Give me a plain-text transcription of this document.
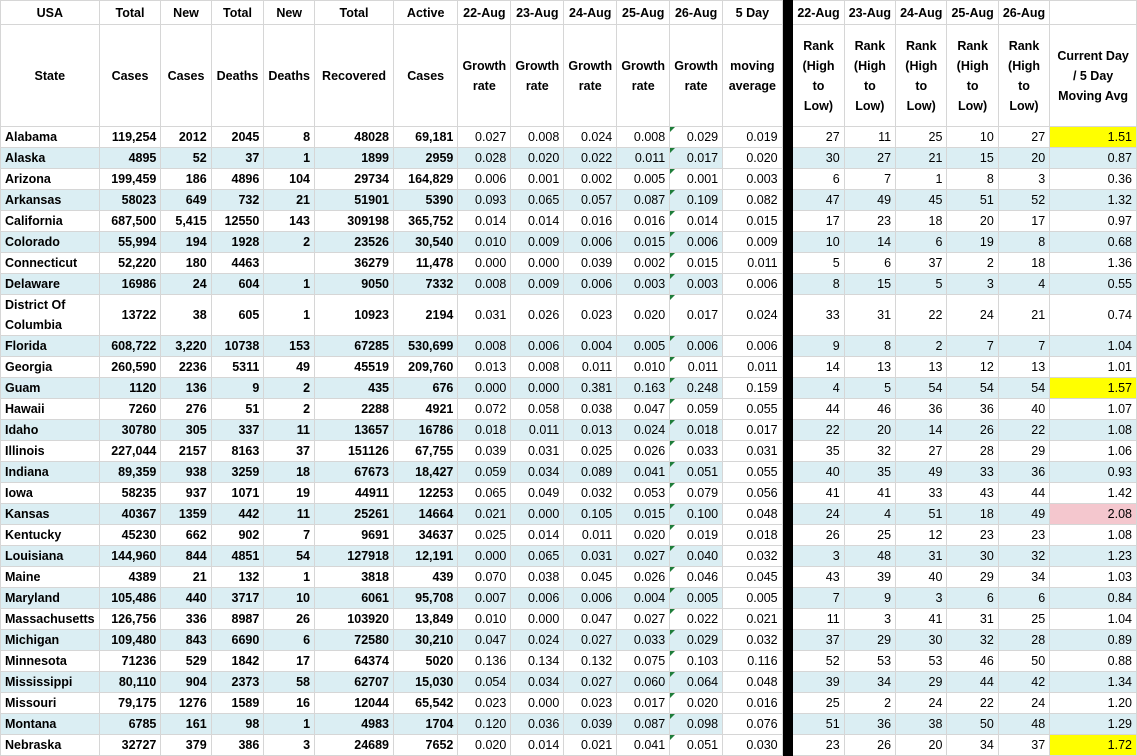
USA	Total	New	Total	New	Total	Active	22-Aug	23-Aug	24-Aug	25-Aug	26-Aug	5 Day		22-Aug	23-Aug	24-Aug	25-Aug	26-Aug	
State	Cases	Cases	Deaths	Deaths	Recovered	Cases	Growth rate	Growth rate	Growth rate	Growth rate	Growth rate	moving average		Rank (High to Low)	Rank (High to Low)	Rank (High to Low)	Rank (High to Low)	Rank (High to Low)	Current Day / 5 Day Moving Avg
Alabama	119,254	2012	2045	8	48028	69,181	0.027	0.008	0.024	0.008	0.029	0.019		27	11	25	10	27	1.51
Alaska	4895	52	37	1	1899	2959	0.028	0.020	0.022	0.011	0.017	0.020		30	27	21	15	20	0.87
Arizona	199,459	186	4896	104	29734	164,829	0.006	0.001	0.002	0.005	0.001	0.003		6	7	1	8	3	0.36
Arkansas	58023	649	732	21	51901	5390	0.093	0.065	0.057	0.087	0.109	0.082		47	49	45	51	52	1.32
California	687,500	5,415	12550	143	309198	365,752	0.014	0.014	0.016	0.016	0.014	0.015		17	23	18	20	17	0.97
Colorado	55,994	194	1928	2	23526	30,540	0.010	0.009	0.006	0.015	0.006	0.009		10	14	6	19	8	0.68
Connecticut	52,220	180	4463		36279	11,478	0.000	0.000	0.039	0.002	0.015	0.011		5	6	37	2	18	1.36
Delaware	16986	24	604	1	9050	7332	0.008	0.009	0.006	0.003	0.003	0.006		8	15	5	3	4	0.55
District Of Columbia	13722	38	605	1	10923	2194	0.031	0.026	0.023	0.020	0.017	0.024		33	31	22	24	21	0.74
Florida	608,722	3,220	10738	153	67285	530,699	0.008	0.006	0.004	0.005	0.006	0.006		9	8	2	7	7	1.04
Georgia	260,590	2236	5311	49	45519	209,760	0.013	0.008	0.011	0.010	0.011	0.011		14	13	13	12	13	1.01
Guam	1120	136	9	2	435	676	0.000	0.000	0.381	0.163	0.248	0.159		4	5	54	54	54	1.57
Hawaii	7260	276	51	2	2288	4921	0.072	0.058	0.038	0.047	0.059	0.055		44	46	36	36	40	1.07
Idaho	30780	305	337	11	13657	16786	0.018	0.011	0.013	0.024	0.018	0.017		22	20	14	26	22	1.08
Illinois	227,044	2157	8163	37	151126	67,755	0.039	0.031	0.025	0.026	0.033	0.031		35	32	27	28	29	1.06
Indiana	89,359	938	3259	18	67673	18,427	0.059	0.034	0.089	0.041	0.051	0.055		40	35	49	33	36	0.93
Iowa	58235	937	1071	19	44911	12253	0.065	0.049	0.032	0.053	0.079	0.056		41	41	33	43	44	1.42
Kansas	40367	1359	442	11	25261	14664	0.021	0.000	0.105	0.015	0.100	0.048		24	4	51	18	49	2.08
Kentucky	45230	662	902	7	9691	34637	0.025	0.014	0.011	0.020	0.019	0.018		26	25	12	23	23	1.08
Louisiana	144,960	844	4851	54	127918	12,191	0.000	0.065	0.031	0.027	0.040	0.032		3	48	31	30	32	1.23
Maine	4389	21	132	1	3818	439	0.070	0.038	0.045	0.026	0.046	0.045		43	39	40	29	34	1.03
Maryland	105,486	440	3717	10	6061	95,708	0.007	0.006	0.006	0.004	0.005	0.005		7	9	3	6	6	0.84
Massachusetts	126,756	336	8987	26	103920	13,849	0.010	0.000	0.047	0.027	0.022	0.021		11	3	41	31	25	1.04
Michigan	109,480	843	6690	6	72580	30,210	0.047	0.024	0.027	0.033	0.029	0.032		37	29	30	32	28	0.89
Minnesota	71236	529	1842	17	64374	5020	0.136	0.134	0.132	0.075	0.103	0.116		52	53	53	46	50	0.88
Mississippi	80,110	904	2373	58	62707	15,030	0.054	0.034	0.027	0.060	0.064	0.048		39	34	29	44	42	1.34
Missouri	79,175	1276	1589	16	12044	65,542	0.023	0.000	0.023	0.017	0.020	0.016		25	2	24	22	24	1.20
Montana	6785	161	98	1	4983	1704	0.120	0.036	0.039	0.087	0.098	0.076		51	36	38	50	48	1.29
Nebraska	32727	379	386	3	24689	7652	0.020	0.014	0.021	0.041	0.051	0.030		23	26	20	34	37	1.72
